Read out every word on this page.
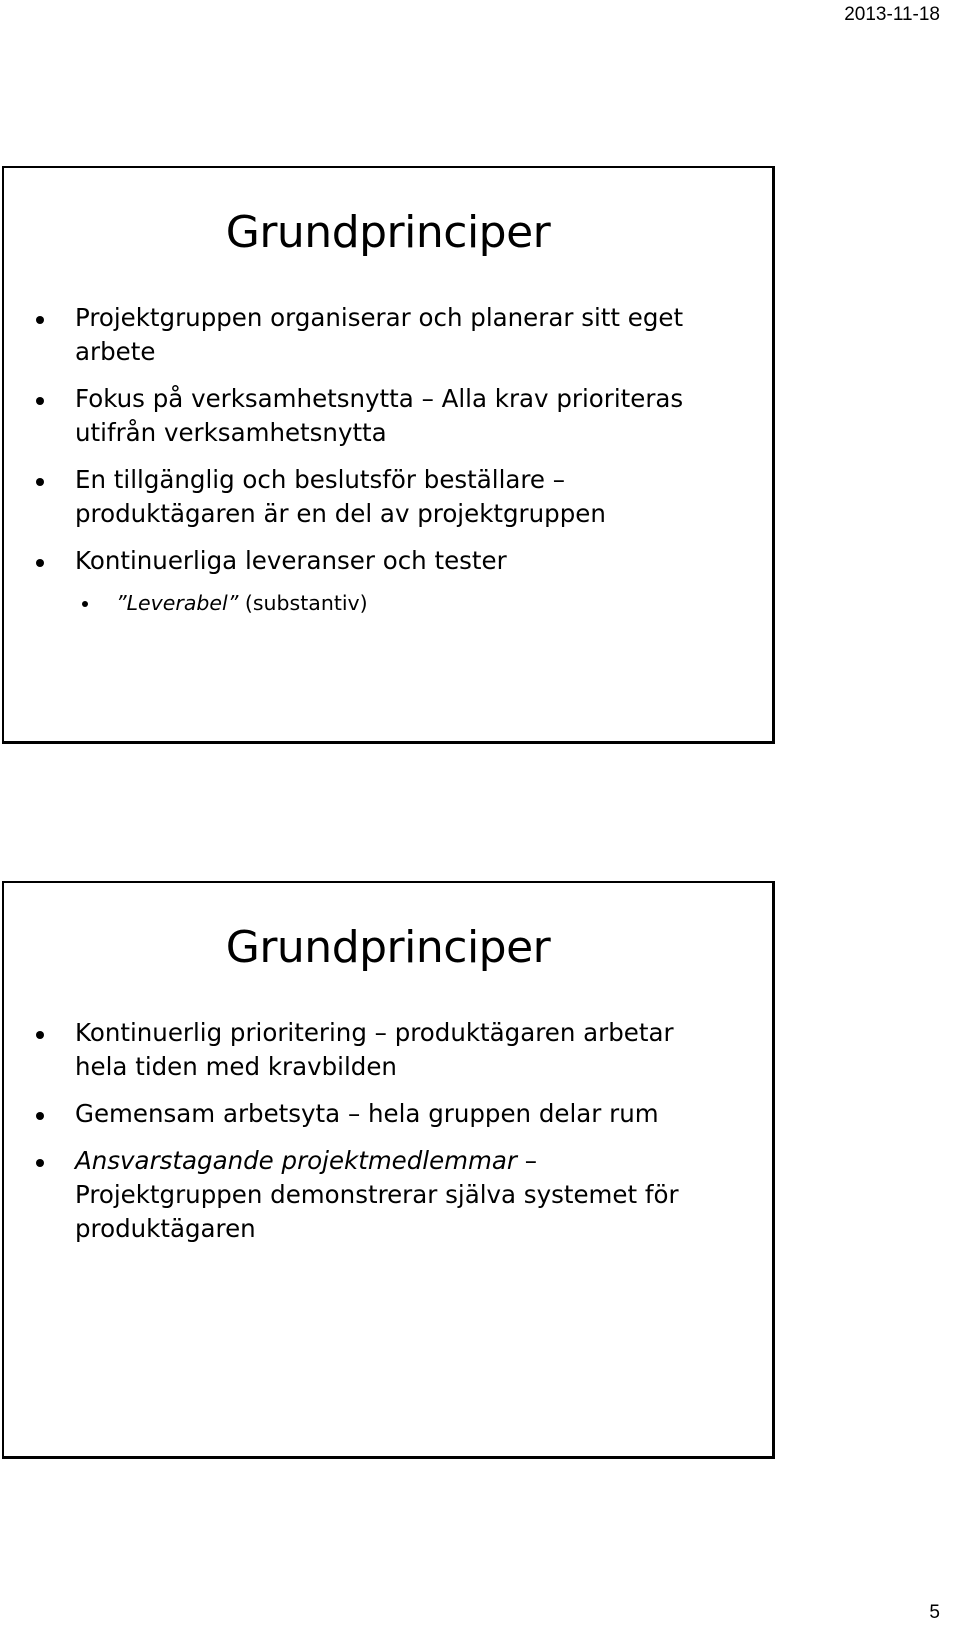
2013-11-18
Grundprinciper
Projektgruppen organiserar och planerar sitt eget arbete
Fokus på verksamhetsnytta – Alla krav prioriteras utifrån verksamhetsnytta
En tillgänglig och beslutsför beställare – produktägaren är en del av projektgruppen
Kontinuerliga leveranser och tester
”Leverabel” (substantiv)
Grundprinciper
Kontinuerlig prioritering – produktägaren arbetar hela tiden med kravbilden
Gemensam arbetsyta – hela gruppen delar rum
Ansvarstagande projektmedlemmar – Projektgruppen demonstrerar själva systemet för produktägaren
5
